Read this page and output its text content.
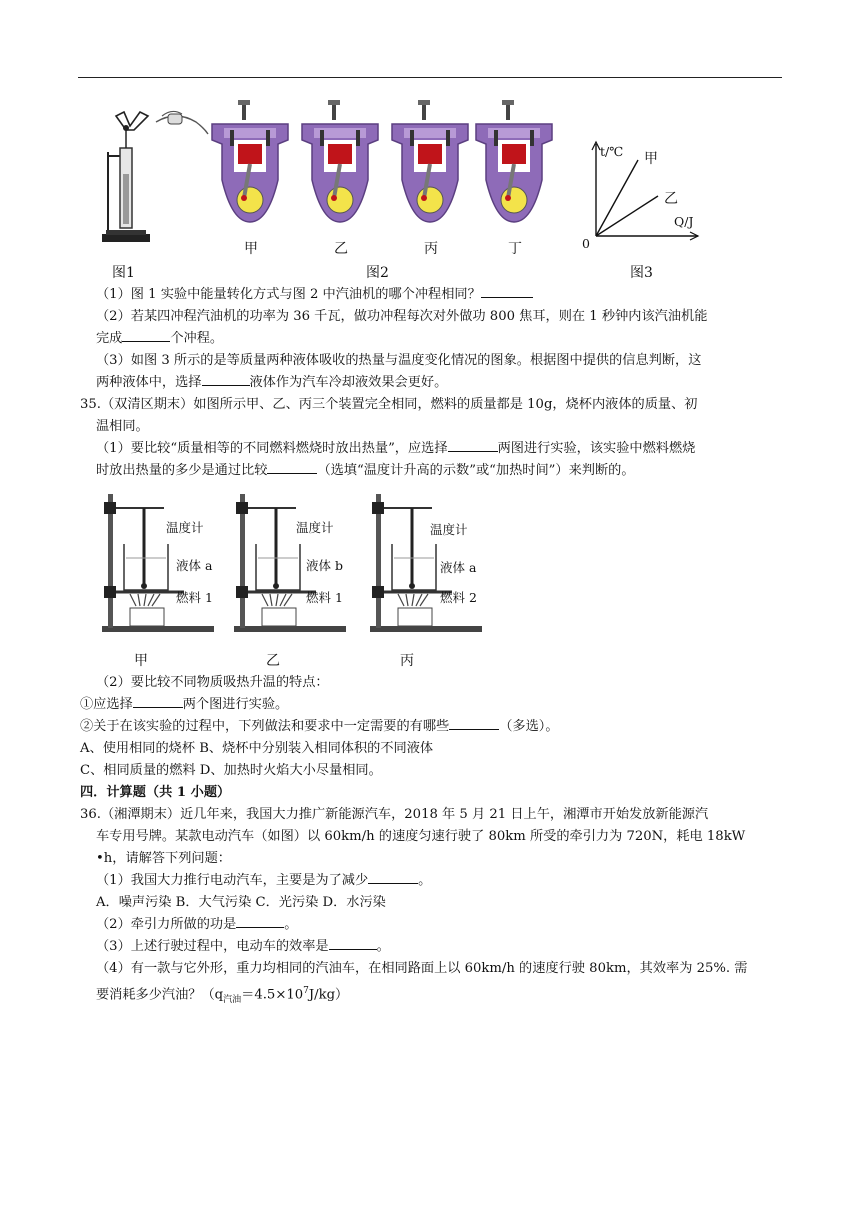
图1
甲	乙	丙	丁
图2
t/℃
Q/J
0
甲
乙
图3
（1）图 1 实验中能量转化方式与图 2 中汽油机的哪个冲程相同？
（2）若某四冲程汽油机的功率为 36 千瓦，做功冲程每次对外做功 800 焦耳，则在 1 秒钟内该汽油机能
完成	个冲程。
（3）如图 3 所示的是等质量两种液体吸收的热量与温度变化情况的图象。根据图中提供的信息判断，这
两种液体中，选择	液体作为汽车冷却液效果会更好。
35.（双清区期末）如图所示甲、乙、丙三个装置完全相同，燃料的质量都是 10g，烧杯内液体的质量、初
温相同。
（1）要比较“质量相等的不同燃料燃烧时放出热量”，应选择	两图进行实验，该实验中燃料燃烧
时放出热量的多少是通过比较	（选填“温度计升高的示数”或“加热时间”）来判断的。
温度计
液体 a
燃料 1
甲
温度计
液体 b
燃料 1
乙
温度计
液体 a
燃料 2
丙
（2）要比较不同物质吸热升温的特点：
①应选择	两个图进行实验。
②关于在该实验的过程中，下列做法和要求中一定需要的有哪些	（多选）。
A、使用相同的烧杯 B、烧杯中分别装入相同体积的不同液体
C、相同质量的燃料 D、加热时火焰大小尽量相同。
四．计算题（共 1 小题）
36.（湘潭期末）近几年来，我国大力推广新能源汽车，2018 年 5 月 21 日上午，湘潭市开始发放新能源汽
车专用号牌。某款电动汽车（如图）以 60km/h 的速度匀速行驶了 80km 所受的牵引力为 720N，耗电 18kW
•h，请解答下列问题：
（1）我国大力推行电动汽车，主要是为了减少	。
A．噪声污染 B．大气污染 C．光污染 D．水污染
（2）牵引力所做的功是	。
（3）上述行驶过程中，电动车的效率是	。
（4）有一款与它外形，重力均相同的汽油车，在相同路面上以 60km/h 的速度行驶 80km，其效率为 25%. 需
要消耗多少汽油？$(q_{汽油}=4.5\times 10^7J/kg)$
